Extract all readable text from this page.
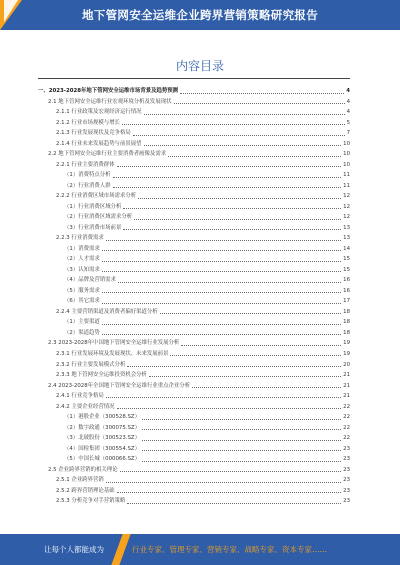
地下管网安全运维企业跨界营销策略研究报告
内容目录
一、2023-2028年地下管网安全运维市场背景及趋势预测	4
2.1 地下管网安全运维行业宏观环境分析及发展现状	4
2.1.1 行业政策及宏观经济运行情况	4
2.1.2 行业市场规模与增长	5
2.1.3 行业发展现状及竞争格局	7
2.1.4 行业未来发展趋势与前景展望	10
2.2 地下管网安全运维行业主要消费者画像及需求	10
2.2.1 行业主要消费群体	10
（1）消费特点分析	11
（2）行业消费人群	11
2.2.2 行业消费区域市场需求分析	12
（1）行业消费区域分析	12
（2）行业消费区域需求分析	12
（3）行业消费市场前景	13
2.2.3 行业消费需求	13
（1）消费需求	14
（2）人才需求	15
（3）认知需求	15
（4）品牌及营销需求	16
（5）服务需求	16
（6）其它需求	17
2.2.4 主要营销渠道及消费者偏好渠道分析	18
（1）主要渠道	18
（2）渠道趋势	18
2.3 2023-2028年中国地下管网安全运维行业发展分析	19
2.3.1 行业发展环境及发展现状、未来发展前景	19
2.3.2 行业主要发展模式分析	20
2.3.3 地下管网安全运维投资机会分析	21
2.4 2023-2028年全国地下管网安全运维行业重点企业分析	21
2.4.1 行业竞争格局	21
2.4.2 主要企业经营情况	22
（1）港股企业（300528.SZ）	22
（2）数字政通（300075.SZ）	22
（3）北玻股份（300523.SZ）	22
（4）国检集团（300554.SZ）	23
（5）中国长城（000066.SZ）	23
2.5 企业跨界营销的相关理论	23
2.5.1 企业跨界营销	23
2.5.2 跨界营销理论基础	23
2.5.3 分析竞争对手营销策略	23
让每个人都能成为	行业专家、管理专家、营销专家、战略专家、资本专家……
